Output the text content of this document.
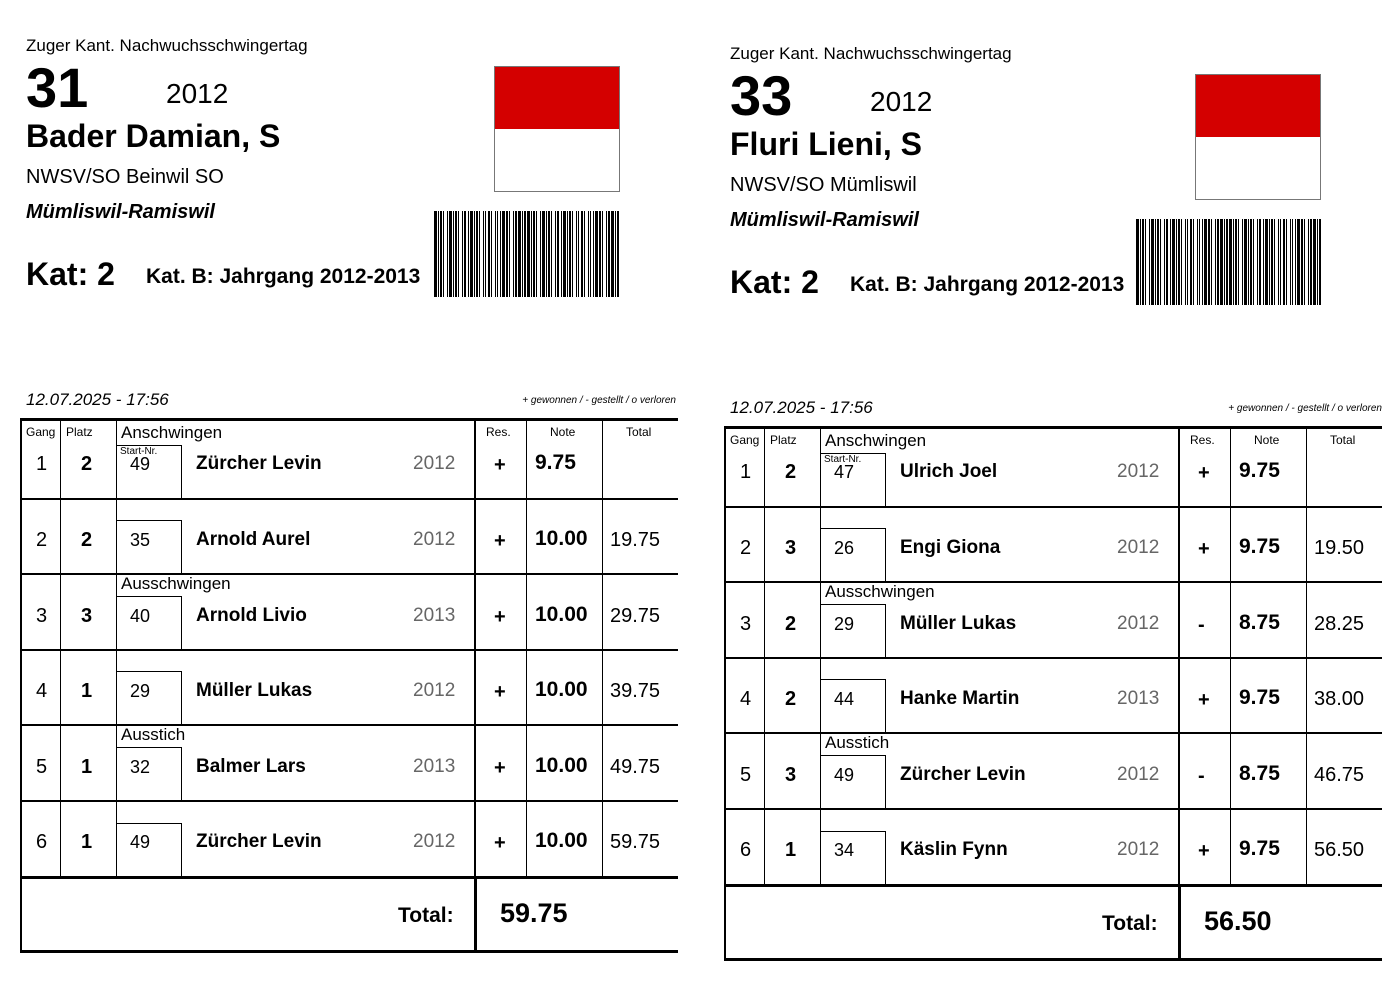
Zuger Kant. Nachwuchsschwingertag
31	2012
Bader Damian, S
NWSV/SO Beinwil SO
Mümliswil-Ramiswil
Kat: 2 Kat. B: Jahrgang 2012-2013
12.07.2025 - 17:56	+ gewonnen / - gestellt / o verloren
Gang Platz	Res.	Note	Total
Anschwingen
Start-Nr.
1 2 49 Zürcher Levin	2012 + 9.75
2 2 35 Arnold Aurel	2012 + 10.00 19.75
Ausschwingen
3 3 40 Arnold Livio	2013 + 10.00 29.75
4 1 29 Müller Lukas	2012 + 10.00 39.75
Ausstich
5 1 32 Balmer Lars	2013 + 10.00 49.75
6 1 49 Zürcher Levin	2012 + 10.00 59.75
Total: 59.75
Zuger Kant. Nachwuchsschwingertag
33	2012
Fluri Lieni, S
NWSV/SO Mümliswil
Mümliswil-Ramiswil
Kat: 2 Kat. B: Jahrgang 2012-2013
12.07.2025 - 17:56	+ gewonnen / - gestellt / o verloren
Gang Platz	Res.	Note	Total
Anschwingen
Start-Nr.
1 2 47 Ulrich Joel	2012 + 9.75
2 3 26 Engi Giona	2012 + 9.75 19.50
Ausschwingen
3 2 29 Müller Lukas	2012 - 8.75 28.25
4 2 44 Hanke Martin	2013 + 9.75 38.00
Ausstich
5 3 49 Zürcher Levin	2012 - 8.75 46.75
6 1 34 Käslin Fynn	2012 + 9.75 56.50
Total: 56.50
